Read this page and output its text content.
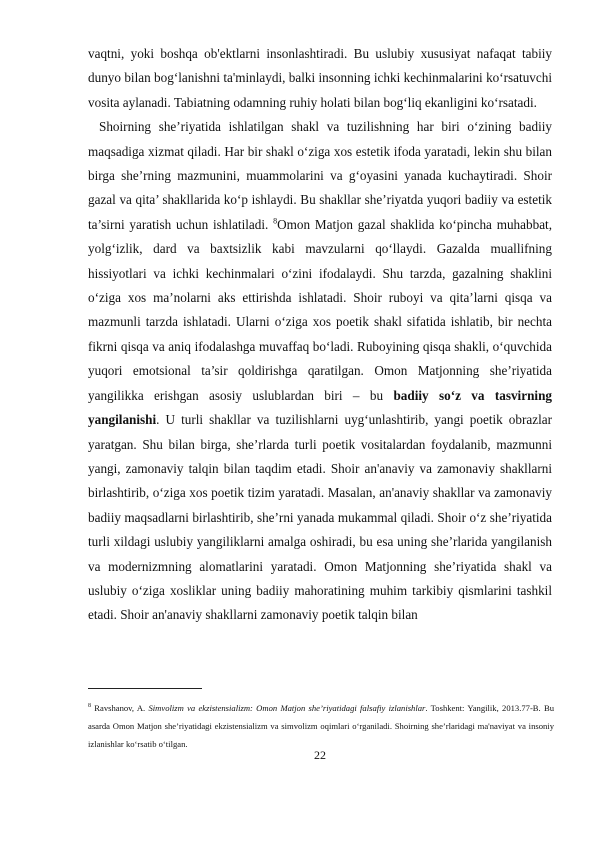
vaqtni, yoki boshqa ob'ektlarni insonlashtiradi. Bu uslubiy xususiyat nafaqat tabiiy dunyo bilan bog‘lanishni ta'minlaydi, balki insonning ichki kechinmalarini ko‘rsatuvchi vosita aylanadi. Tabiatning odamning ruhiy holati bilan bog‘liq ekanligini ko‘rsatadi.

Shoirning she’riyatida ishlatilgan shakl va tuzilishning har biri o‘zining badiiy maqsadiga xizmat qiladi. Har bir shakl o‘ziga xos estetik ifoda yaratadi, lekin shu bilan birga she’rning mazmunini, muammolarini va g‘oyasini yanada kuchaytiradi. Shoir gazal va qita’ shakllarida ko‘p ishlaydi. Bu shakllar she’riyatda yuqori badiiy va estetik ta’sirni yaratish uchun ishlatiladi. $^8$Omon Matjon gazal shaklida ko‘pincha muhabbat, yolg‘izlik, dard va baxtsizlik kabi mavzularni qo‘llaydi. Gazalda muallifning hissiyotlari va ichki kechinmalari o‘zini ifodalaydi. Shu tarzda, gazalning shaklini o‘ziga xos ma’nolarni aks ettirishda ishlatadi. Shoir ruboyi va qita’larni qisqa va mazmunli tarzda ishlatadi. Ularni o‘ziga xos poetik shakl sifatida ishlatib, bir nechta fikrni qisqa va aniq ifodalashga muvaffaq bo‘ladi. Ruboyining qisqa shakli, o‘quvchida yuqori emotsional ta’sir qoldirishga qaratilgan. Omon Matjonning she’riyatida yangilikka erishgan asosiy uslublardan biri – bu badiiy so‘z va tasvirning yangilanishi. U turli shakllar va tuzilishlarni uyg‘unlashtirib, yangi poetik obrazlar yaratgan. Shu bilan birga, she’rlarda turli poetik vositalardan foydalanib, mazmunni yangi, zamonaviy talqin bilan taqdim etadi. Shoir an'anaviy va zamonaviy shakllarni birlashtirib, o‘ziga xos poetik tizim yaratadi. Masalan, an'anaviy shakllar va zamonaviy badiiy maqsadlarni birlashtirib, she’rni yanada mukammal qiladi. Shoir o‘z she’riyatida turli xildagi uslubiy yangiliklarni amalga oshiradi, bu esa uning she’rlarida yangilanish va modernizmning alomatlarini yaratadi. Omon Matjonning she’riyatida shakl va uslubiy o‘ziga xosliklar uning badiiy mahoratining muhim tarkibiy qismlarini tashkil etadi. Shoir an'anaviy shakllarni zamonaviy poetik talqin bilan

$^8$ Ravshanov, A. Simvolizm va ekzistensializm: Omon Matjon she’riyatidagi falsafiy izlanishlar. Toshkent: Yangilik, 2013.77-B. Bu asarda Omon Matjon she’riyatidagi ekzistensializm va simvolizm oqimlari o‘rganiladi. Shoirning she’rlaridagi ma'naviyat va insoniy izlanishlar ko‘rsatib o‘tilgan.
22
